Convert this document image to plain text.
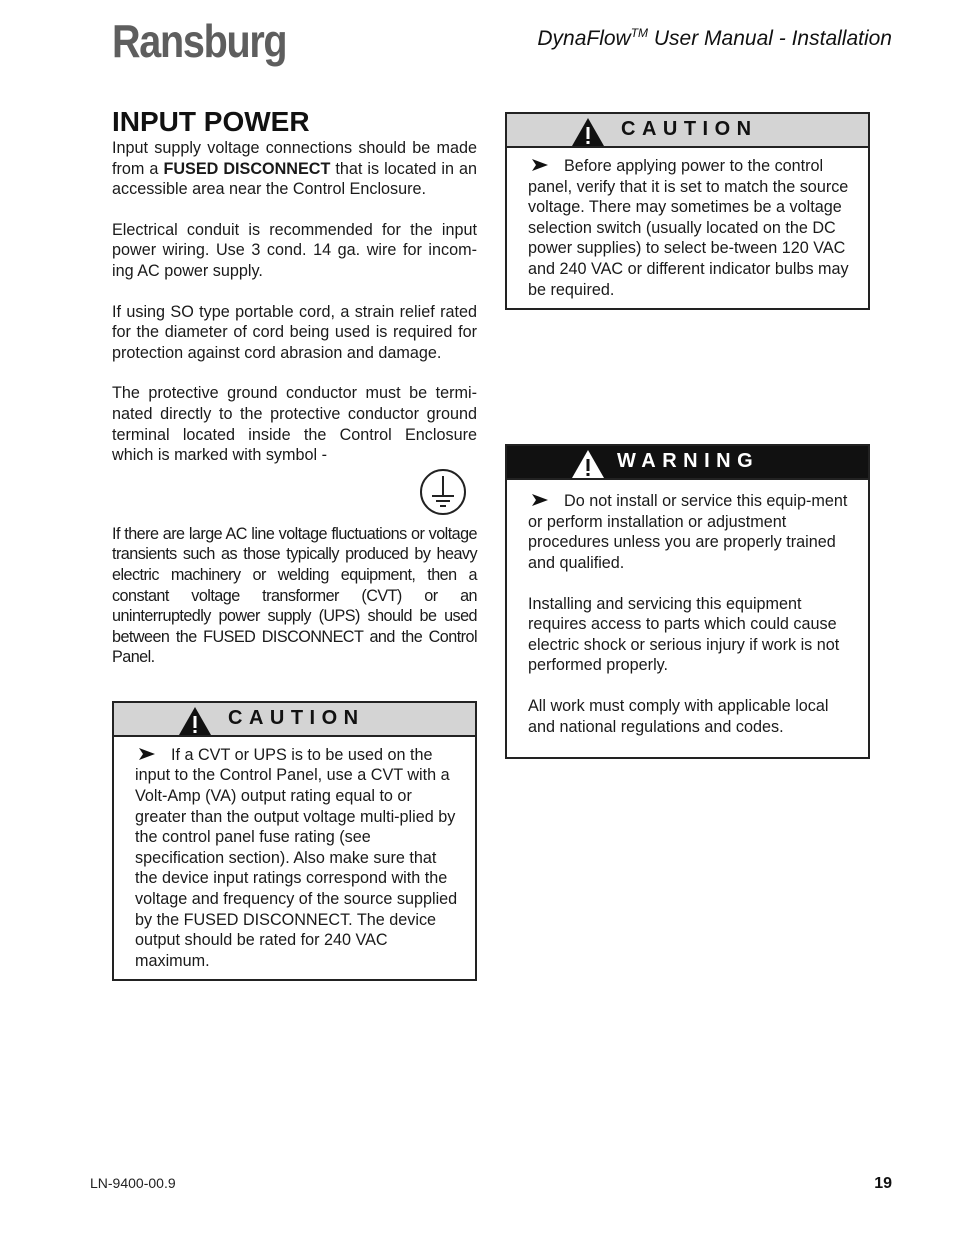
Ransburg	DynaFlow™ User Manual - Installation
INPUT POWER

Input supply voltage connections should be made from a FUSED DISCONNECT that is located in an accessible area near the Control Enclosure.

Electrical conduit is recommended for the input power wiring. Use 3 cond. 14 ga. wire for incom-ing AC power supply.

If using SO type portable cord, a strain relief rated for the diameter of cord being used is required for protection against cord abrasion and damage.

The protective ground conductor must be termi-nated directly to the protective conductor ground terminal located inside the Control Enclosure which is marked with symbol -

If there are large AC line voltage fluctuations or voltage transients such as those typically produced by heavy electric machinery or welding equipment, then a constant voltage transformer (CVT) or an uninterruptedly power supply (UPS) should be used between the FUSED DISCONNECT and the Control Panel.

CAUTION

If a CVT or UPS is to be used on the input to the Control Panel, use a CVT with a Volt-Amp (VA) output rating equal to or greater than the output voltage multi-plied by the control panel fuse rating (see specification section). Also make sure that the device input ratings correspond with the voltage and frequency of the source supplied by the FUSED DISCONNECT. The device output should be rated for 240 VAC maximum.

CAUTION

Before applying power to the control panel, verify that it is set to match the source voltage. There may sometimes be a voltage selection switch (usually located on the DC power supplies) to select be-tween 120 VAC and 240 VAC or different indicator bulbs may be required.

WARNING

Do not install or service this equip-ment or perform installation or adjustment procedures unless you are properly trained and qualified.

Installing and servicing this equipment requires access to parts which could cause electric shock or serious injury if work is not performed properly.

All work must comply with applicable local and national regulations and codes.

LN-9400-00.9	19
